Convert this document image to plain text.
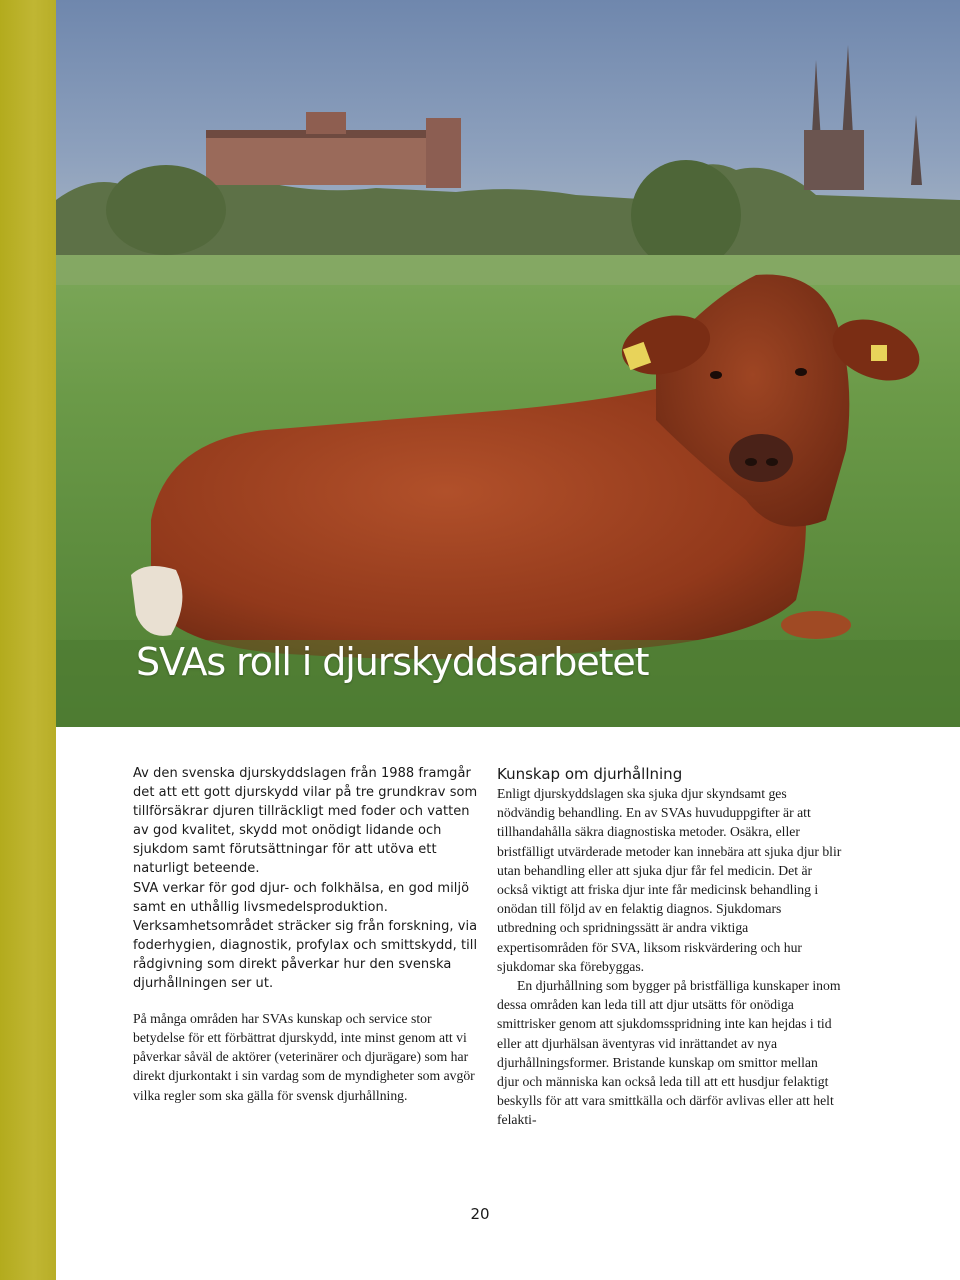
SVAs roll i djurskyddsarbetet

Av den svenska djurskyddslagen från 1988 framgår det att ett gott djurskydd vilar på tre grundkrav som tillförsäkrar djuren tillräckligt med foder och vatten av god kvalitet, skydd mot onödigt lidande och sjukdom samt förutsättningar för att utöva ett naturligt beteende.

SVA verkar för god djur- och folkhälsa, en god miljö samt en uthållig livsmedelsproduktion.

Verksamhetsområdet sträcker sig från forskning, via foderhygien, diagnostik, profylax och smittskydd, till rådgivning som direkt påverkar hur den svenska djurhållningen ser ut.

På många områden har SVAs kunskap och service stor betydelse för ett förbättrat djurskydd, inte minst genom att vi påverkar såväl de aktörer (veterinärer och djurägare) som har direkt djurkontakt i sin vardag som de myndigheter som avgör vilka regler som ska gälla för svensk djurhållning.

Kunskap om djurhållning

Enligt djurskyddslagen ska sjuka djur skyndsamt ges nödvändig behandling. En av SVAs huvuduppgifter är att tillhandahålla säkra diagnostiska metoder. Osäkra, eller bristfälligt utvärderade metoder kan innebära att sjuka djur blir utan behandling eller att sjuka djur får fel medicin. Det är också viktigt att friska djur inte får medicinsk behandling i onödan till följd av en felaktig diagnos. Sjukdomars utbredning och spridningssätt är andra viktiga expertisområden för SVA, liksom riskvärdering och hur sjukdomar ska förebyggas.

En djurhållning som bygger på bristfälliga kunskaper inom dessa områden kan leda till att djur utsätts för onödiga smittrisker genom att sjukdomsspridning inte kan hejdas i tid eller att djurhälsan äventyras vid inrättandet av nya djurhållningsformer. Bristande kunskap om smittor mellan djur och människa kan också leda till att ett husdjur felaktigt beskylls för att vara smittkälla och därför avlivas eller att helt felakti-

20
